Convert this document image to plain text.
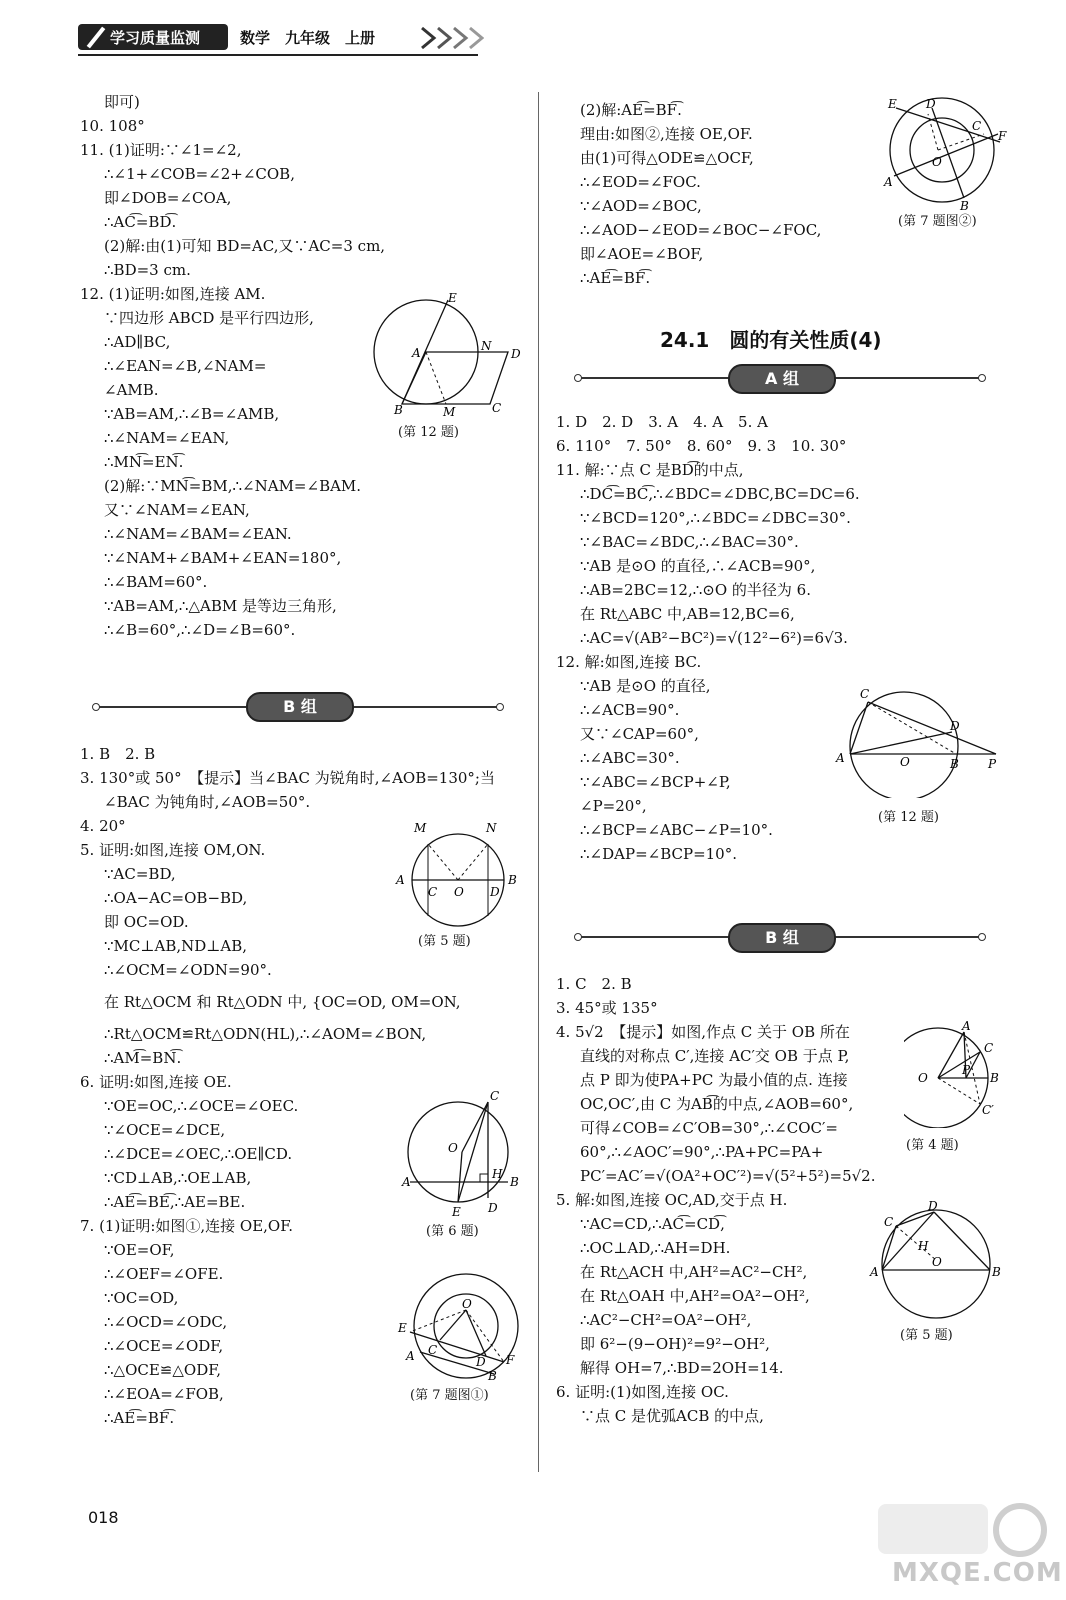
学习质量监测	数学　九年级　上册
即可)
10. 108°
11. (1)证明:∵∠1=∠2,
∴∠1+∠COB=∠2+∠COB,
即∠DOB=∠COA,
∴AC͡=BD͡.
(2)解:由(1)可知 BD=AC,又∵AC=3 cm,
∴BD=3 cm.
12. (1)证明:如图,连接 AM.
∵四边形 ABCD 是平行四边形,
∴AD∥BC,
∴∠EAN=∠B,∠NAM=
∠AMB.
∵AB=AM,∴∠B=∠AMB,
∴∠NAM=∠EAN,
∴MN͡=EN͡.
(2)解:∵MN͡=BM,∴∠NAM=∠BAM.
又∵∠NAM=∠EAN,
∴∠NAM=∠BAM=∠EAN.
∵∠NAM+∠BAM+∠EAN=180°,
∴∠BAM=60°.
∵AB=AM,∴△ABM 是等边三角形,
∴∠B=60°,∴∠D=∠B=60°.
E
N
D
A
B	M	C
(第 12 题)
B 组
1. B　2. B
3. 130°或 50°　【提示】当∠BAC 为锐角时,∠AOB=130°;当
∠BAC 为钝角时,∠AOB=50°.
4. 20°
5. 证明:如图,连接 OM,ON.
∵AC=BD,
∴OA−AC=OB−BD,
即 OC=OD.
∵MC⊥AB,ND⊥AB,
∴∠OCM=∠ODN=90°.
在 Rt△OCM 和 Rt△ODN 中, {OC=OD, OM=ON,
∴Rt△OCM≌Rt△ODN(HL),∴∠AOM=∠BON,
∴AM͡=BN͡.
6. 证明:如图,连接 OE.
∵OE=OC,∴∠OCE=∠OEC.
∵∠OCE=∠DCE,
∴∠DCE=∠OEC,∴OE∥CD.
∵CD⊥AB,∴OE⊥AB,
∴AE͡=BE͡,∴AE=BE.
7. (1)证明:如图①,连接 OE,OF.
∵OE=OF,
∴∠OEF=∠OFE.
∵OC=OD,
∴∠OCD=∠ODC,
∴∠OCE=∠ODF,
∴△OCE≌△ODF,
∴∠EOA=∠FOB,
∴AE͡=BF͡.
M	N
A	B
C O D
(第 5 题)
C
O
A	B
H
E D
(第 6 题)
O
E
A C
D
B
F
(第 7 题图①)
(2)解:AE͡=BF͡.
理由:如图②,连接 OE,OF.
由(1)可得△ODE≌△OCF,
∴∠EOD=∠FOC.
∵∠AOD=∠BOC,
∴∠AOD−∠EOD=∠BOC−∠FOC,
即∠AOE=∠BOF,
∴AE͡=BF͡.
E D
C
F
O
A
B
(第 7 题图②)
24.1　圆的有关性质(4)
A 组
1. D　2. D　3. A　4. A　5. A
6. 110°　7. 50°　8. 60°　9. 3　10. 30°
11. 解:∵点 C 是BD͡的中点,
∴DC͡=BC͡,∴∠BDC=∠DBC,BC=DC=6.
∵∠BCD=120°,∴∠BDC=∠DBC=30°.
∵∠BAC=∠BDC,∴∠BAC=30°.
∵AB 是⊙O 的直径,∴∠ACB=90°,
∴AB=2BC=12,∴⊙O 的半径为 6.
在 Rt△ABC 中,AB=12,BC=6,
∴AC=√(AB²−BC²)=√(12²−6²)=6√3.
12. 解:如图,连接 BC.
∵AB 是⊙O 的直径,
∴∠ACB=90°.
又∵∠CAP=60°,
∴∠ABC=30°.
∵∠ABC=∠BCP+∠P,
∠P=20°,
∴∠BCP=∠ABC−∠P=10°.
∴∠DAP=∠BCP=10°.
C
D
A	O	B P
(第 12 题)
B 组
1. C　2. B
3. 45°或 135°
4. 5√2　【提示】如图,作点 C 关于 OB 所在
直线的对称点 C′,连接 AC′交 OB 于点 P,
点 P 即为使PA+PC 为最小值的点. 连接
OC,OC′,由 C 为AB͡的中点,∠AOB=60°,
可得∠COB=∠C′OB=30°,∴∠COC′=
60°,∴∠AOC′=90°,∴PA+PC=PA+
PC′=AC′=√(OA²+OC′²)=√(5²+5²)=5√2.
5. 解:如图,连接 OC,AD,交于点 H.
∵AC=CD,∴AC͡=CD͡,
∴OC⊥AD,∴AH=DH.
在 Rt△ACH 中,AH²=AC²−CH²,
在 Rt△OAH 中,AH²=OA²−OH²,
∴AC²−CH²=OA²−OH²,
即 6²−(9−OH)²=9²−OH²,
解得 OH=7,∴BD=2OH=14.
6. 证明:(1)如图,连接 OC.
∵点 C 是优弧ACB 的中点,
A
C
O
P
B
C′
(第 4 题)
C
D
H
O
A	B
(第 5 题)
018
MXQE.COM
